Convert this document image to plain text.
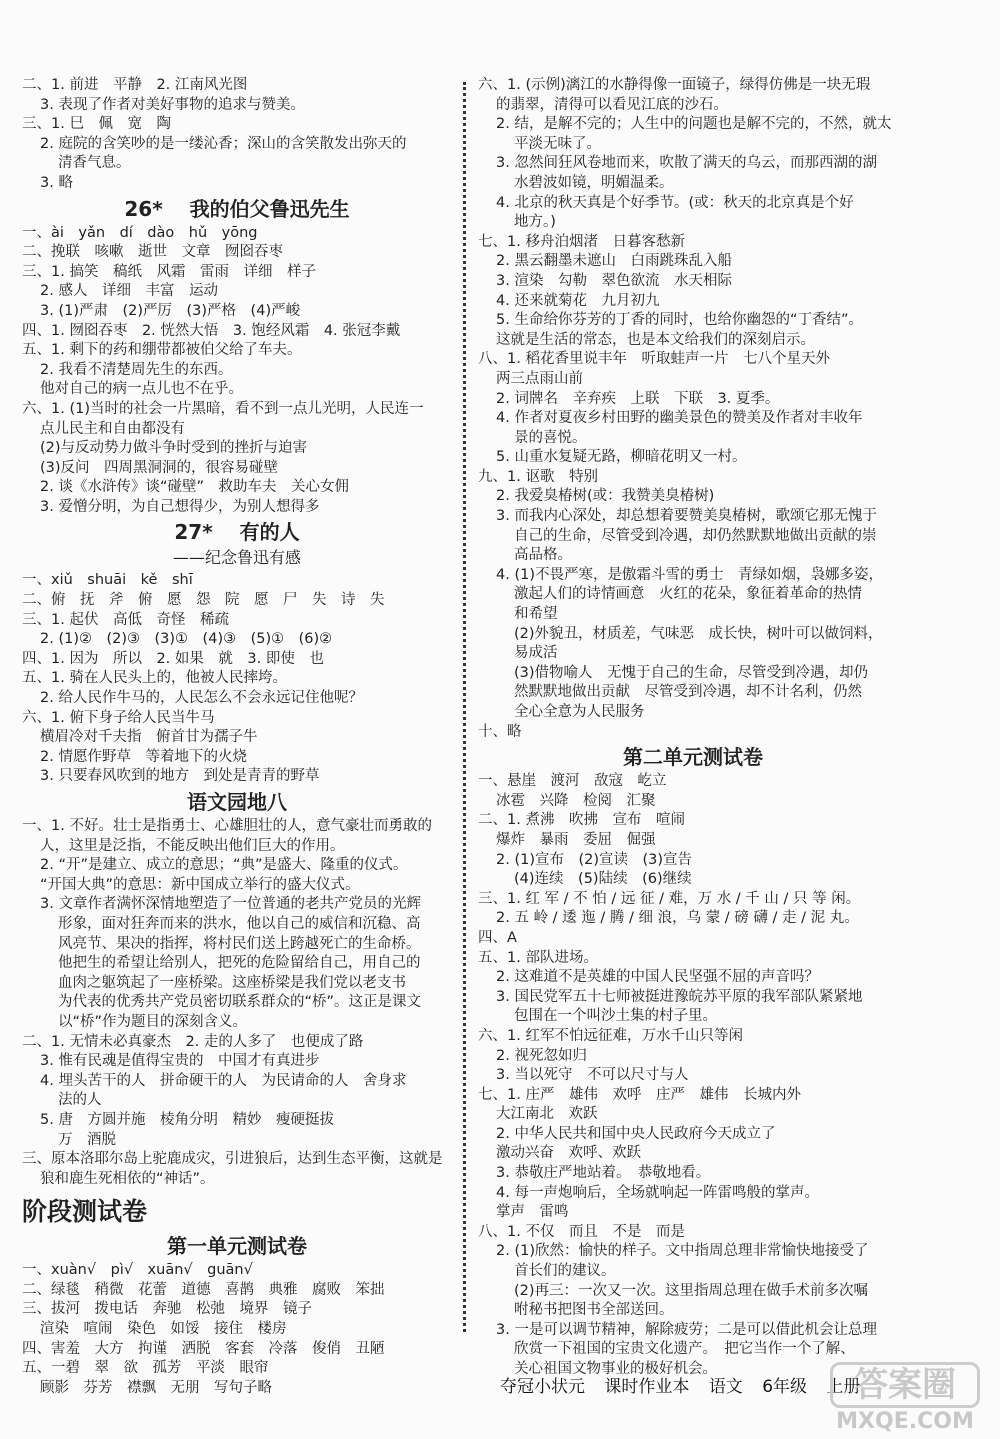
二、1. 前进　平静　2. 江南风光图
3. 表现了作者对美好事物的追求与赞美。
三、1. 巳　佩　宽　陶
2. 庭院的含笑吵的是一缕沁香；深山的含笑散发出弥天的
清香气息。
3. 略
26* 　我的伯父鲁迅先生
一、ài　yǎn　dí　dào　hǔ　yōng
二、挽联　咳嗽　逝世　文章　囫囵吞枣
三、1. 搞笑　稿纸　风霜　雷雨　详细　样子
2. 感人　详细　丰富　运动
3. (1)严肃　(2)严厉　(3)严格　(4)严峻
四、1. 囫囵吞枣　2. 恍然大悟　3. 饱经风霜　4. 张冠李戴
五、1. 剩下的药和绷带都被伯父给了车夫。
2. 我看不清楚周先生的东西。
他对自己的病一点儿也不在乎。
六、1. (1)当时的社会一片黑暗，看不到一点儿光明，人民连一
点儿民主和自由都没有
(2)与反动势力做斗争时受到的挫折与迫害
(3)反问　四周黑洞洞的，很容易碰壁
2. 谈《水浒传》谈“碰壁”　救助车夫　关心女佣
3. 爱憎分明，为自己想得少，为别人想得多
27* 　有的人
——纪念鲁迅有感
一、xiǔ　shuāi　kě　shī
二、俯　抚　斧　俯　愿　怨　院　愿　尸　失　诗　失
三、1. 起伏　高低　奇怪　稀疏
2. (1)②　(2)③　(3)①　(4)③　(5)①　(6)②
四、1. 因为　所以　2. 如果　就　3. 即使　也
五、1. 骑在人民头上的，他被人民摔垮。
2. 给人民作牛马的，人民怎么不会永远记住他呢？
六、1. 俯下身子给人民当牛马
横眉冷对千夫指　俯首甘为孺子牛
2. 情愿作野草　等着地下的火烧
3. 只要春风吹到的地方　到处是青青的野草
语文园地八
一、1. 不好。壮士是指勇士、心雄胆壮的人，意气豪壮而勇敢的
人，这里是泛指，不能反映出他们巨大的作用。
2. “开”是建立、成立的意思；“典”是盛大、隆重的仪式。
“开国大典”的意思：新中国成立举行的盛大仪式。
3. 文章作者满怀深情地塑造了一位普通的老共产党员的光辉
形象，面对狂奔而来的洪水，他以自己的威信和沉稳、高
风亮节、果决的指挥，将村民们送上跨越死亡的生命桥。
他把生的希望让给别人，把死的危险留给自己，用自己的
血肉之躯筑起了一座桥梁。这座桥梁是我们党以老支书
为代表的优秀共产党员密切联系群众的“桥”。这正是课文
以“桥”作为题目的深刻含义。
二、1. 无情未必真豪杰　2. 走的人多了　也便成了路
3. 惟有民魂是值得宝贵的　中国才有真进步
4. 埋头苦干的人　拼命硬干的人　为民请命的人　舍身求
法的人
5. 唐　方圆并施　棱角分明　精妙　瘦硬挺拔
万　酒脱
三、原本洛耶尔岛上驼鹿成灾，引进狼后，达到生态平衡，这就是
狼和鹿生死相依的“神话”。
阶段测试卷
第一单元测试卷
一、xuàn√　pì√　xuān√　guān√
二、绿毯　稍微　花蕾　道德　喜鹊　典雅　腐败　笨拙
三、拔河　拨电话　奔驰　松弛　境界　镜子
渲染　喧闹　染色　如馁　接住　楼房
四、害羞　大方　拘谨　洒脱　客套　冷落　俊俏　丑陋
五、一碧　翠　欲　孤芳　平淡　眼帘
顾影　芬芳　襟飘　无朋　写句子略
六、1. (示例)漓江的水静得像一面镜子，绿得仿佛是一块无瑕
的翡翠，清得可以看见江底的沙石。
2. 结，是解不完的；人生中的问题也是解不完的，不然，就太
平淡无味了。
3. 忽然间狂风卷地而来，吹散了满天的乌云，而那西湖的湖
水碧波如镜，明媚温柔。
4. 北京的秋天真是个好季节。(或：秋天的北京真是个好
地方。)
七、1. 移舟泊烟渚　日暮客愁新
2. 黑云翻墨未遮山　白雨跳珠乱入船
3. 渲染　勾勒　翠色欲流　水天相际
4. 还来就菊花　九月初九
5. 生命给你芬芳的丁香的同时，也给你幽怨的“丁香结”。
这就是生活的常态，也是本文给我们的深刻启示。
八、1. 稻花香里说丰年　听取蛙声一片　七八个星天外
两三点雨山前
2. 词牌名　辛弃疾　上联　下联　3. 夏季。
4. 作者对夏夜乡村田野的幽美景色的赞美及作者对丰收年
景的喜悦。
5. 山重水复疑无路，柳暗花明又一村。
九、1. 讴歌　特别
2. 我爱臭椿树(或：我赞美臭椿树)
3. 而我内心深处，却总想着要赞美臭椿树，歌颂它那无愧于
自己的生命，尽管受到冷遇，却仍然默默地做出贡献的崇
高品格。
4. (1)不畏严寒，是傲霜斗雪的勇士　青绿如烟，袅娜多姿，
激起人们的诗情画意　火红的花朵，象征着革命的热情
和希望
(2)外貌丑，材质差，气味恶　成长快，树叶可以做饲料，
易成活
(3)借物喻人　无愧于自己的生命，尽管受到冷遇，却仍
然默默地做出贡献　尽管受到冷遇，却不计名利，仍然
全心全意为人民服务
十、略
第二单元测试卷
一、悬崖　渡河　敌寇　屹立
冰雹　兴降　检阅　汇聚
二、1. 煮沸　吹拂　宣布　喧闹
爆炸　暴雨　委屈　倔强
2. (1)宣布　(2)宣读　(3)宣告
(4)连续　(5)陆续　(6)继续
三、1. 红 军 / 不 怕 / 远 征 / 难，万 水 / 千 山 / 只 等 闲。
2. 五 岭 / 逶 迤 / 腾 / 细 浪，乌 蒙 / 磅 礴 / 走 / 泥 丸。
四、A
五、1. 部队进场。
2. 这难道不是英雄的中国人民坚强不屈的声音吗？
3. 国民党军五十七师被挺进豫皖苏平原的我军部队紧紧地
包围在一个叫沙土集的村子里。
六、1. 红军不怕远征难，万水千山只等闲
2. 视死忽如归
3. 当以死守　不可以尺寸与人
七、1. 庄严　雄伟　欢呼　庄严　雄伟　长城内外
大江南北　欢跃
2. 中华人民共和国中央人民政府今天成立了
激动兴奋　欢呼、欢跃
3. 恭敬庄严地站着。　恭敬地看。
4. 每一声炮响后，全场就响起一阵雷鸣般的掌声。
掌声　雷鸣
八、1. 不仅　而且　不是　而是
2. (1)欣然：愉快的样子。文中指周总理非常愉快地接受了
首长们的建议。
(2)再三：一次又一次。这里指周总理在做手术前多次嘱
咐秘书把图书全部送回。
3. 一是可以调节精神，解除疲劳；二是可以借此机会让总理
欣赏一下祖国的宝贵文化遗产。　把它当作一个了解、
关心祖国文物事业的极好机会。
夺冠小状元 课时作业本 语文 6年级 上册
答案圈
MXQE.COM
